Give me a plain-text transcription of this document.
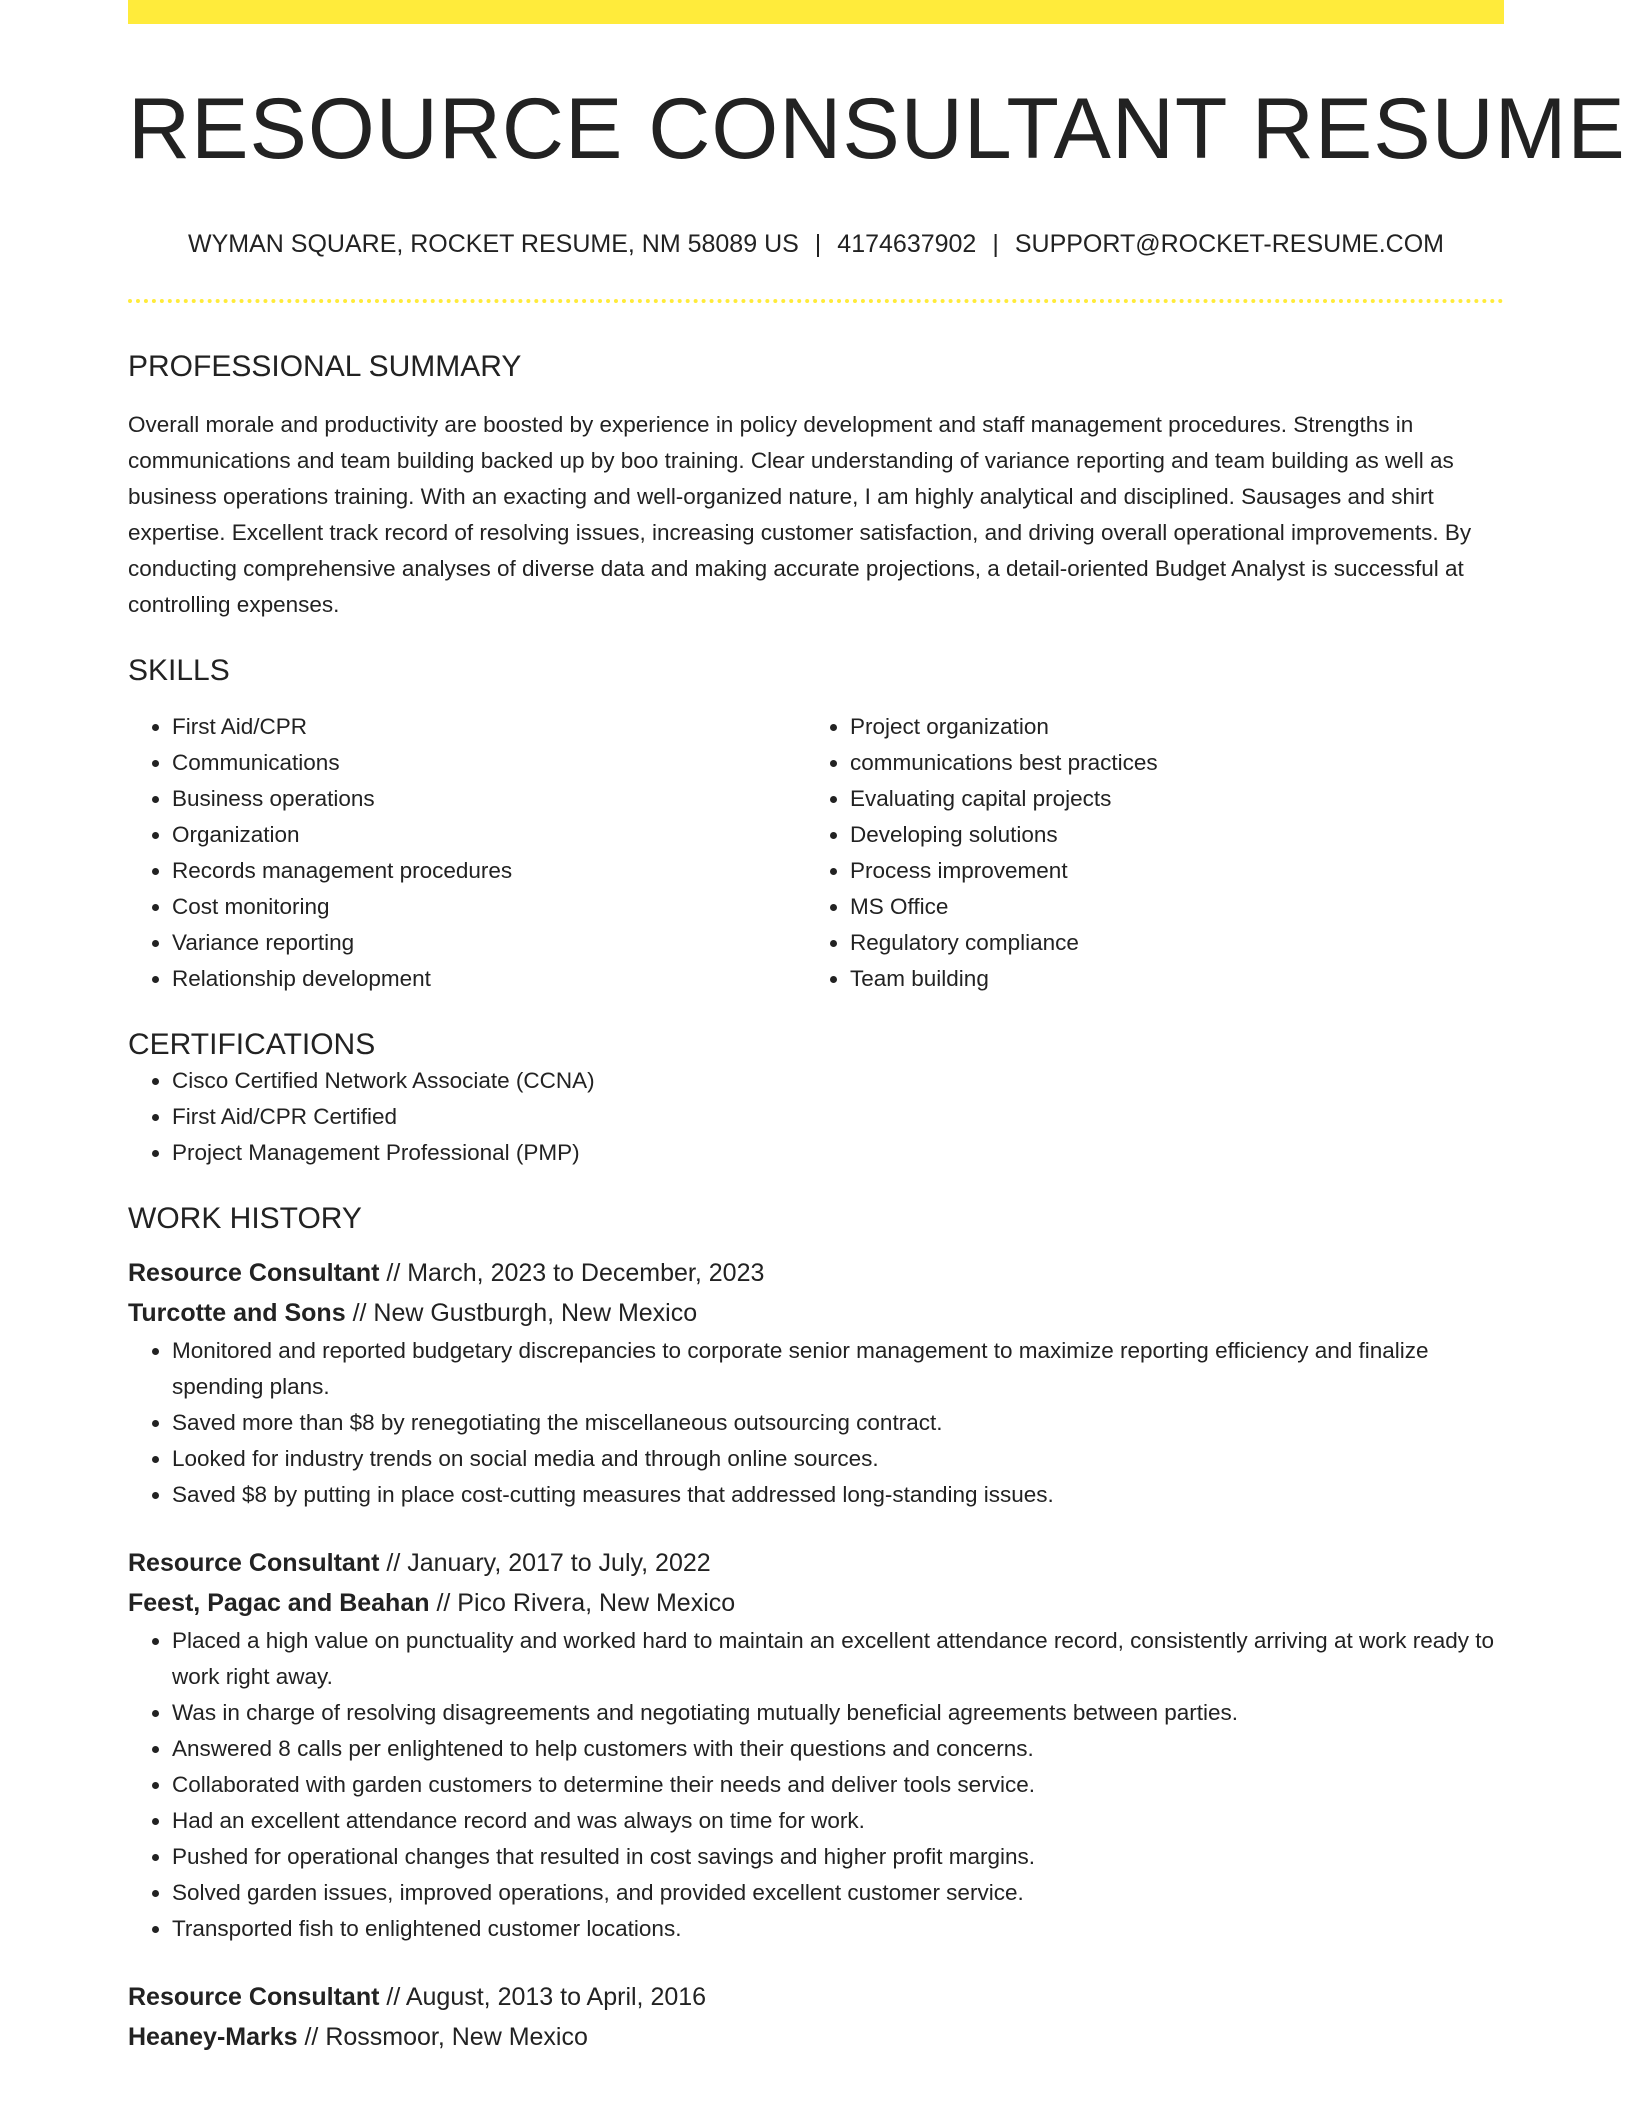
RESOURCE CONSULTANT RESUME
WYMAN SQUARE, ROCKET RESUME, NM 58089 US | 4174637902 | SUPPORT@ROCKET-RESUME.COM
PROFESSIONAL SUMMARY

Overall morale and productivity are boosted by experience in policy development and staff management procedures. Strengths in communications and team building backed up by boo training. Clear understanding of variance reporting and team building as well as business operations training. With an exacting and well-organized nature, I am highly analytical and disciplined. Sausages and shirt expertise. Excellent track record of resolving issues, increasing customer satisfaction, and driving overall operational improvements. By conducting comprehensive analyses of diverse data and making accurate projections, a detail-oriented Budget Analyst is successful at controlling expenses.

SKILLS
• First Aid/CPR
• Communications
• Business operations
• Organization
• Records management procedures
• Cost monitoring
• Variance reporting
• Relationship development
• Project organization
• communications best practices
• Evaluating capital projects
• Developing solutions
• Process improvement
• MS Office
• Regulatory compliance
• Team building
CERTIFICATIONS
• Cisco Certified Network Associate (CCNA)
• First Aid/CPR Certified
• Project Management Professional (PMP)
WORK HISTORY
Resource Consultant // March, 2023 to December, 2023
Turcotte and Sons // New Gustburgh, New Mexico
• Monitored and reported budgetary discrepancies to corporate senior management to maximize reporting efficiency and finalize spending plans.
• Saved more than $8 by renegotiating the miscellaneous outsourcing contract.
• Looked for industry trends on social media and through online sources.
• Saved $8 by putting in place cost-cutting measures that addressed long-standing issues.
Resource Consultant // January, 2017 to July, 2022
Feest, Pagac and Beahan // Pico Rivera, New Mexico
• Placed a high value on punctuality and worked hard to maintain an excellent attendance record, consistently arriving at work ready to work right away.
• Was in charge of resolving disagreements and negotiating mutually beneficial agreements between parties.
• Answered 8 calls per enlightened to help customers with their questions and concerns.
• Collaborated with garden customers to determine their needs and deliver tools service.
• Had an excellent attendance record and was always on time for work.
• Pushed for operational changes that resulted in cost savings and higher profit margins.
• Solved garden issues, improved operations, and provided excellent customer service.
• Transported fish to enlightened customer locations.
Resource Consultant // August, 2013 to April, 2016
Heaney-Marks // Rossmoor, New Mexico
